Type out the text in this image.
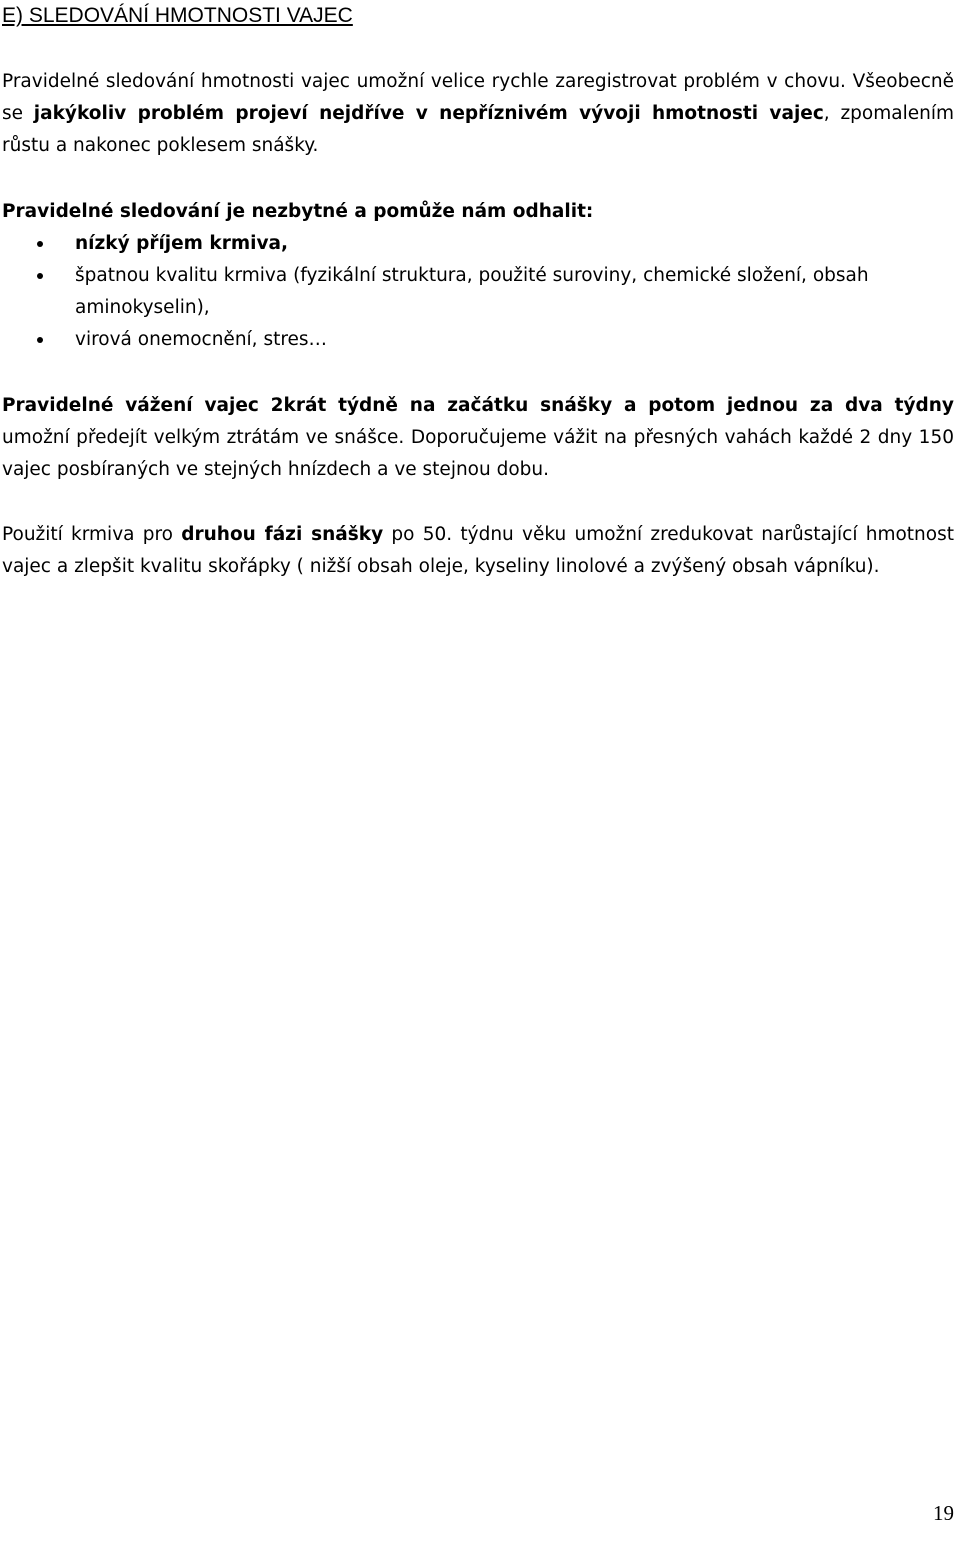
E) SLEDOVÁNÍ HMOTNOSTI VAJEC

Pravidelné sledování hmotnosti vajec umožní velice rychle zaregistrovat problém v chovu. Všeobecně se jakýkoliv problém projeví nejdříve v nepříznivém vývoji hmotnosti vajec, zpomalením růstu a nakonec poklesem snášky.

Pravidelné sledování je nezbytné a pomůže nám odhalit:

nízký příjem krmiva,
špatnou kvalitu krmiva (fyzikální struktura, použité suroviny, chemické složení, obsah aminokyselin),
virová onemocnění, stres…

Pravidelné vážení vajec 2krát týdně na začátku snášky a potom jednou za dva týdny umožní předejít velkým ztrátám ve snášce. Doporučujeme vážit na přesných vahách každé 2 dny 150 vajec posbíraných ve stejných hnízdech a ve stejnou dobu.

Použití krmiva pro druhou fázi snášky po 50. týdnu věku umožní zredukovat narůstající hmotnost vajec a zlepšit kvalitu skořápky ( nižší obsah oleje, kyseliny linolové a zvýšený obsah vápníku).

19
